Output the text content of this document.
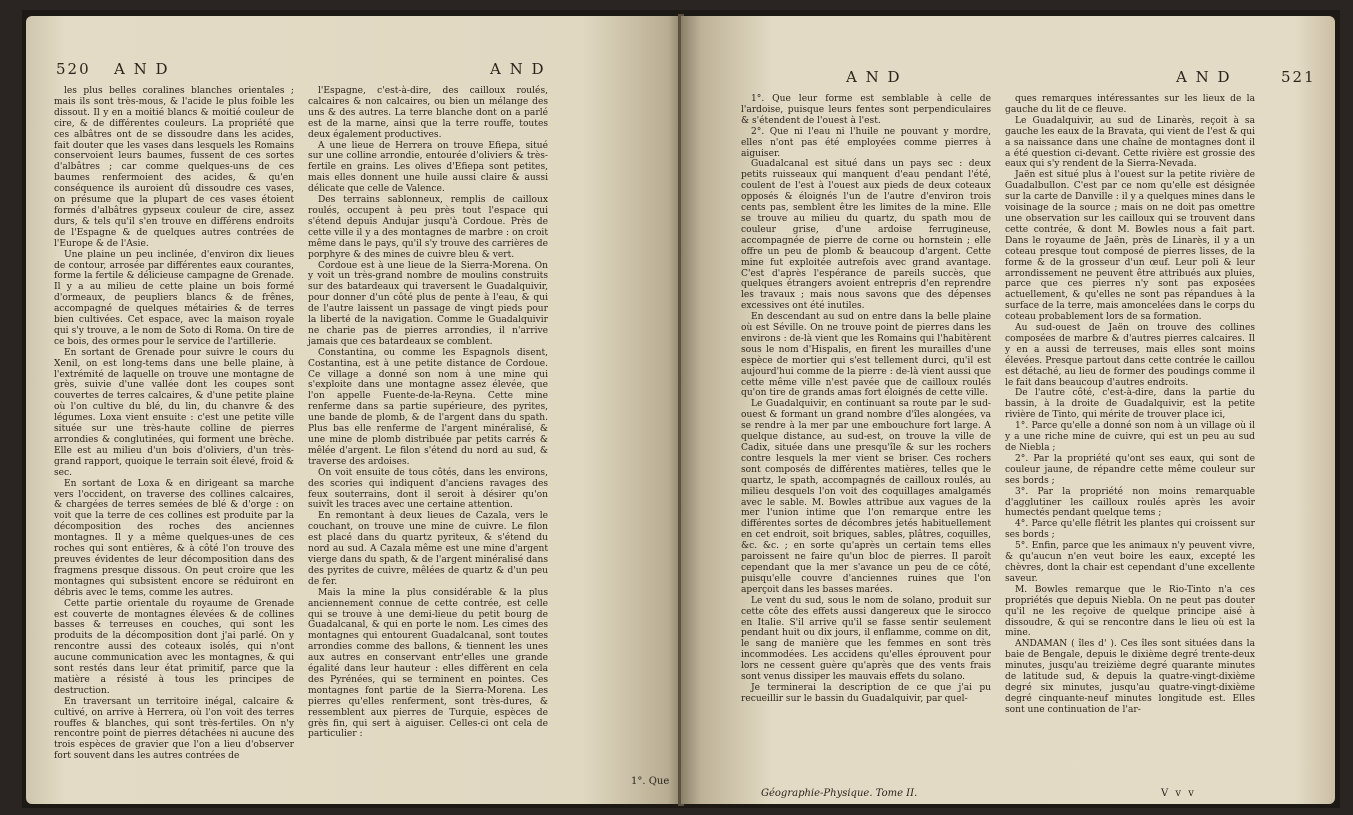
520 A N D	A N D

les plus belles coralines blanches orientales ; mais ils sont très-mous, & l'acide le plus foible les dissout. Il y en a moitié blancs & moitié couleur de cire, & de différentes couleurs. La propriété que ces albâtres ont de se dissoudre dans les acides, fait douter que les vases dans lesquels les Romains conservoient leurs baumes, fussent de ces sortes d'albâtres ; car comme quelques-uns de ces baumes renfermoient des acides, & qu'en conséquence ils auroient dû dissoudre ces vases, on présume que la plupart de ces vases étoient formés d'albâtres gypseux couleur de cire, assez durs, & tels qu'il s'en trouve en différens endroits de l'Espagne & de quelques autres contrées de l'Europe & de l'Asie.

Une plaine un peu inclinée, d'environ dix lieues de contour, arrosée par différentes eaux courantes, forme la fertile & délicieuse campagne de Grenade. Il y a au milieu de cette plaine un bois formé d'ormeaux, de peupliers blancs & de frênes, accompagné de quelques métairies & de terres bien cultivées. Cet espace, avec la maison royale qui s'y trouve, a le nom de Soto di Roma. On tire de ce bois, des ormes pour le service de l'artillerie.

En sortant de Grenade pour suivre le cours du Xenil, on est long-tems dans une belle plaine, à l'extrémité de laquelle on trouve une montagne de grès, suivie d'une vallée dont les coupes sont couvertes de terres calcaires, & d'une petite plaine où l'on cultive du blé, du lin, du chanvre & des légumes. Loxa vient ensuite : c'est une petite ville située sur une très-haute colline de pierres arrondies & conglutinées, qui forment une brèche. Elle est au milieu d'un bois d'oliviers, d'un très-grand rapport, quoique le terrain soit élevé, froid & sec.

En sortant de Loxa & en dirigeant sa marche vers l'occident, on traverse des collines calcaires, & chargées de terres semées de blé & d'orge : on voit que la terre de ces collines est produite par la décomposition des roches des anciennes montagnes. Il y a même quelques-unes de ces roches qui sont entières, & à côté l'on trouve des preuves évidentes de leur décomposition dans des fragmens presque dissous. On peut croire que les montagnes qui subsistent encore se réduiront en débris avec le tems, comme les autres.

Cette partie orientale du royaume de Grenade est couverte de montagnes élevées & de collines basses & terreuses en couches, qui sont les produits de la décomposition dont j'ai parlé. On y rencontre aussi des coteaux isolés, qui n'ont aucune communication avec les montagnes, & qui sont restés dans leur état primitif, parce que la matière a résisté à tous les principes de destruction.

En traversant un territoire inégal, calcaire & cultivé, on arrive à Herrera, où l'on voit des terres rouffes & blanches, qui sont très-fertiles. On n'y rencontre point de pierres détachées ni aucune des trois espèces de gravier que l'on a lieu d'observer fort souvent dans les autres contrées de

l'Espagne, c'est-à-dire, des cailloux roulés, calcaires & non calcaires, ou bien un mélange des uns & des autres. La terre blanche dont on a parlé est de la marne, ainsi que la terre rouffe, toutes deux également productives.

A une lieue de Herrera on trouve Efiepa, situé sur une colline arrondie, entourée d'oliviers & très-fertile en grains. Les olives d'Efiepa sont petites, mais elles donnent une huile aussi claire & aussi délicate que celle de Valence.

Des terrains sablonneux, remplis de cailloux roulés, occupent à peu près tout l'espace qui s'étend depuis Andujar jusqu'à Cordoue. Près de cette ville il y a des montagnes de marbre : on croit même dans le pays, qu'il s'y trouve des carrières de porphyre & des mines de cuivre bleu & vert.

Cordoue est à une lieue de la Sierra-Morena. On y voit un très-grand nombre de moulins construits sur des batardeaux qui traversent le Guadalquivir, pour donner d'un côté plus de pente à l'eau, & qui de l'autre laissent un passage de vingt pieds pour la liberté de la navigation. Comme le Guadalquivir ne charie pas de pierres arrondies, il n'arrive jamais que ces batardeaux se comblent.

Constantina, ou comme les Espagnols disent, Costantina, est à une petite distance de Cordoue. Ce village a donné son nom à une mine qui s'exploite dans une montagne assez élevée, que l'on appelle Fuente-de-la-Reyna. Cette mine renferme dans sa partie supérieure, des pyrites, une bande de plomb, & de l'argent dans du spath. Plus bas elle renferme de l'argent minéralisé, & une mine de plomb distribuée par petits carrés & mêlée d'argent. Le filon s'étend du nord au sud, & traverse des ardoises.

On voit ensuite de tous côtés, dans les environs, des scories qui indiquent d'anciens ravages des feux souterrains, dont il seroit à désirer qu'on suivît les traces avec une certaine attention.

En remontant à deux lieues de Cazala, vers le couchant, on trouve une mine de cuivre. Le filon est placé dans du quartz pyriteux, & s'étend du nord au sud. A Cazala même est une mine d'argent vierge dans du spath, & de l'argent minéralisé dans des pyrites de cuivre, mêlées de quartz & d'un peu de fer.

Mais la mine la plus considérable & la plus anciennement connue de cette contrée, est celle qui se trouve à une demi-lieue du petit bourg de Guadalcanal, & qui en porte le nom. Les cimes des montagnes qui entourent Guadalcanal, sont toutes arrondies comme des ballons, & tiennent les unes aux autres en conservant entr'elles une grande égalité dans leur hauteur : elles diffèrent en cela des Pyrénées, qui se terminent en pointes. Ces montagnes font partie de la Sierra-Morena. Les pierres qu'elles renferment, sont très-dures, & ressemblent aux pierres de Turquie, espèces de grès fin, qui sert à aiguiser. Celles-ci ont cela de particulier :

1°. Que
A N D	A N D	521

1°. Que leur forme est semblable à celle de l'ardoise, puisque leurs fentes sont perpendiculaires & s'étendent de l'ouest à l'est.

2°. Que ni l'eau ni l'huile ne pouvant y mordre, elles n'ont pas été employées comme pierres à aiguiser.

Guadalcanal est situé dans un pays sec : deux petits ruisseaux qui manquent d'eau pendant l'été, coulent de l'est à l'ouest aux pieds de deux coteaux opposés & éloignés l'un de l'autre d'environ trois cents pas, semblent être les limites de la mine. Elle se trouve au milieu du quartz, du spath mou de couleur grise, d'une ardoise ferrugineuse, accompagnée de pierre de corne ou hornstein ; elle offre un peu de plomb & beaucoup d'argent. Cette mine fut exploitée autrefois avec grand avantage. C'est d'après l'espérance de pareils succès, que quelques étrangers avoient entrepris d'en reprendre les travaux ; mais nous savons que des dépenses excessives ont été inutiles.

En descendant au sud on entre dans la belle plaine où est Séville. On ne trouve point de pierres dans les environs : de-là vient que les Romains qui l'habitèrent sous le nom d'Hispalis, en firent les murailles d'une espèce de mortier qui s'est tellement durci, qu'il est aujourd'hui comme de la pierre : de-là vient aussi que cette même ville n'est pavée que de cailloux roulés qu'on tire de grands amas fort éloignés de cette ville.

Le Guadalquivir, en continuant sa route par le sud-ouest & formant un grand nombre d'îles alongées, va se rendre à la mer par une embouchure fort large. A quelque distance, au sud-est, on trouve la ville de Cadix, située dans une presqu'île & sur les rochers contre lesquels la mer vient se briser. Ces rochers sont composés de différentes matières, telles que le quartz, le spath, accompagnés de cailloux roulés, au milieu desquels l'on voit des coquillages amalgamés avec le sable. M. Bowles attribue aux vagues de la mer l'union intime que l'on remarque entre les différentes sortes de décombres jetés habituellement en cet endroit, soit briques, sables, plâtres, coquilles, &c. &c. ; en sorte qu'après un certain tems elles paroissent ne faire qu'un bloc de pierres. Il paroît cependant que la mer s'avance un peu de ce côté, puisqu'elle couvre d'anciennes ruines que l'on aperçoit dans les basses marées.

Le vent du sud, sous le nom de solano, produit sur cette côte des effets aussi dangereux que le sirocco en Italie. S'il arrive qu'il se fasse sentir seulement pendant huit ou dix jours, il enflamme, comme on dit, le sang de manière que les femmes en sont très incommodées. Les accidens qu'elles éprouvent pour lors ne cessent guère qu'après que des vents frais sont venus dissiper les mauvais effets du solano.

Je terminerai la description de ce que j'ai pu recueillir sur le bassin du Guadalquivir, par quel-

ques remarques intéressantes sur les lieux de la gauche du lit de ce fleuve.

Le Guadalquivir, au sud de Linarès, reçoit à sa gauche les eaux de la Bravata, qui vient de l'est & qui a sa naissance dans une chaîne de montagnes dont il a été question ci-devant. Cette rivière est grossie des eaux qui s'y rendent de la Sierra-Nevada.

Jaën est situé plus à l'ouest sur la petite rivière de Guadalbullon. C'est par ce nom qu'elle est désignée sur la carte de Danville : il y a quelques mines dans le voisinage de la source ; mais on ne doit pas omettre une observation sur les cailloux qui se trouvent dans cette contrée, & dont M. Bowles nous a fait part. Dans le royaume de Jaën, près de Linarès, il y a un coteau presque tout composé de pierres lisses, de la forme & de la grosseur d'un œuf. Leur poli & leur arrondissement ne peuvent être attribués aux pluies, parce que ces pierres n'y sont pas exposées actuellement, & qu'elles ne sont pas répandues à la surface de la terre, mais amoncelées dans le corps du coteau probablement lors de sa formation.

Au sud-ouest de Jaën on trouve des collines composées de marbre & d'autres pierres calcaires. Il y en a aussi de terreuses, mais elles sont moins élevées. Presque partout dans cette contrée le caillou est détaché, au lieu de former des poudings comme il le fait dans beaucoup d'autres endroits.

De l'autre côté, c'est-à-dire, dans la partie du bassin, à la droite de Guadalquivir, est la petite rivière de Tinto, qui mérite de trouver place ici,

1°. Parce qu'elle a donné son nom à un village où il y a une riche mine de cuivre, qui est un peu au sud de Niebla ;

2°. Par la propriété qu'ont ses eaux, qui sont de couleur jaune, de répandre cette même couleur sur ses bords ;

3°. Par la propriété non moins remarquable d'agglutiner les cailloux roulés après les avoir humectés pendant quelque tems ;

4°. Parce qu'elle flétrit les plantes qui croissent sur ses bords ;

5°. Enfin, parce que les animaux n'y peuvent vivre, & qu'aucun n'en veut boire les eaux, excepté les chèvres, dont la chair est cependant d'une excellente saveur.

M. Bowles remarque que le Rio-Tinto n'a ces propriétés que depuis Niebla. On ne peut pas douter qu'il ne les reçoive de quelque principe aisé à dissoudre, & qui se rencontre dans le lieu où est la mine.

ANDAMAN ( îles d' ). Ces îles sont situées dans la baie de Bengale, depuis le dixième degré trente-deux minutes, jusqu'au treizième degré quarante minutes de latitude sud, & depuis la quatre-vingt-dixième degré six minutes, jusqu'au quatre-vingt-dixième degré cinquante-neuf minutes longitude est. Elles sont une continuation de l'ar-

Géographie-Physique. Tome II.	V v v
